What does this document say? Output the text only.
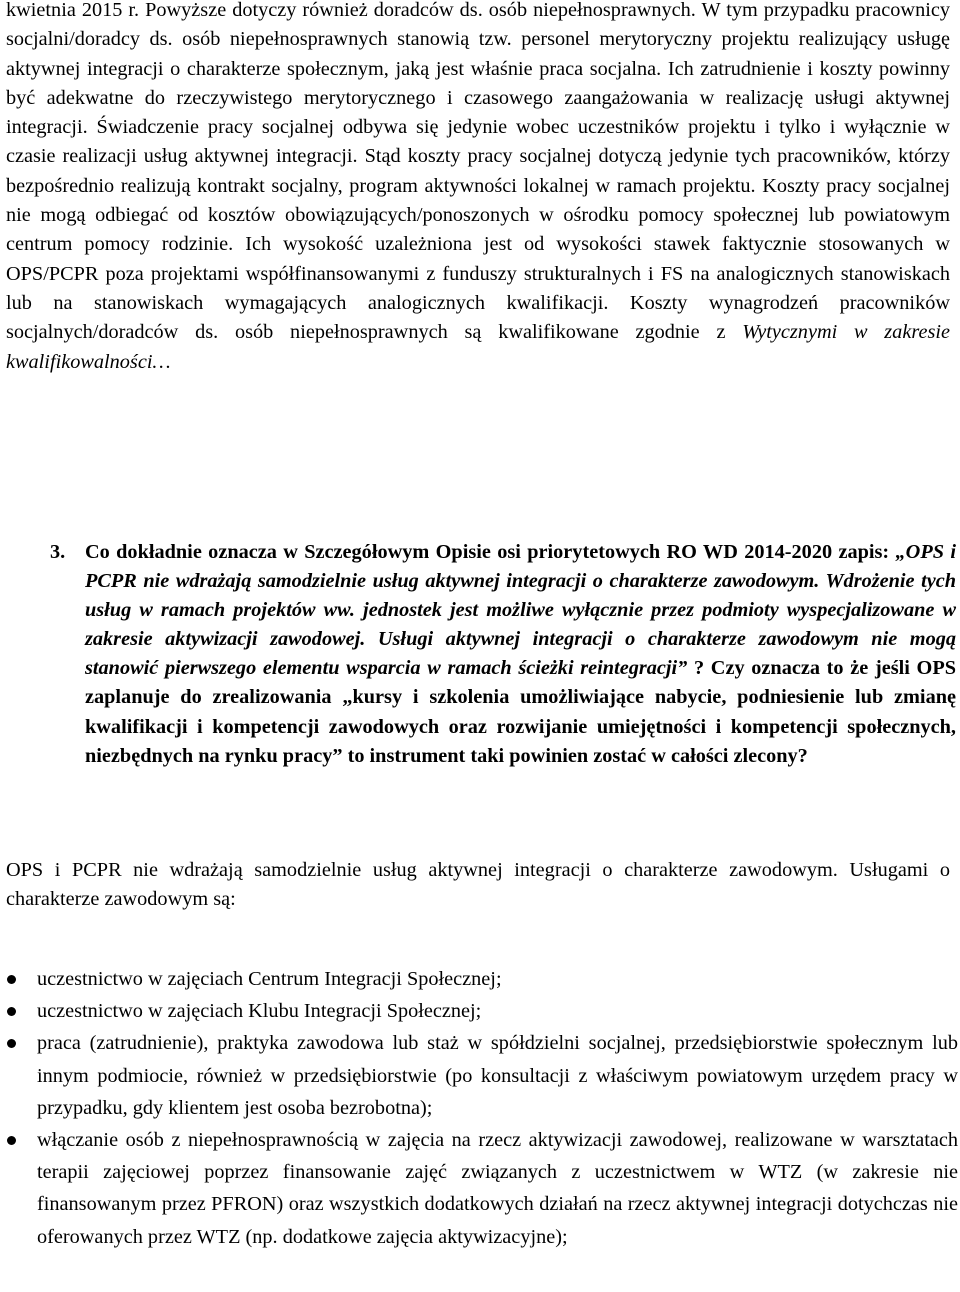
kwietnia 2015 r. Powyższe dotyczy również doradców ds. osób niepełnosprawnych. W tym przypadku pracownicy socjalni/doradcy ds. osób niepełnosprawnych stanowią tzw. personel merytoryczny projektu realizujący usługę aktywnej integracji o charakterze społecznym, jaką jest właśnie praca socjalna. Ich zatrudnienie i koszty powinny być adekwatne do rzeczywistego merytorycznego i czasowego zaangażowania w realizację usługi aktywnej integracji. Świadczenie pracy socjalnej odbywa się jedynie wobec uczestników projektu i tylko i wyłącznie w czasie realizacji usług aktywnej integracji. Stąd koszty pracy socjalnej dotyczą jedynie tych pracowników, którzy bezpośrednio realizują kontrakt socjalny, program aktywności lokalnej w ramach projektu. Koszty pracy socjalnej nie mogą odbiegać od kosztów obowiązujących/ponoszonych w ośrodku pomocy społecznej lub powiatowym centrum pomocy rodzinie. Ich wysokość uzależniona jest od wysokości stawek faktycznie stosowanych w OPS/PCPR poza projektami współfinansowanymi z funduszy strukturalnych i FS na analogicznych stanowiskach lub na stanowiskach wymagających analogicznych kwalifikacji. Koszty wynagrodzeń pracowników socjalnych/doradców ds. osób niepełnosprawnych są kwalifikowane zgodnie z Wytycznymi w zakresie kwalifikowalności…

3. Co dokładnie oznacza w Szczegółowym Opisie osi priorytetowych RO WD 2014-2020 zapis: „OPS i PCPR nie wdrażają samodzielnie usług aktywnej integracji o charakterze zawodowym. Wdrożenie tych usług w ramach projektów ww. jednostek jest możliwe wyłącznie przez podmioty wyspecjalizowane w zakresie aktywizacji zawodowej. Usługi aktywnej integracji o charakterze zawodowym nie mogą stanowić pierwszego elementu wsparcia w ramach ścieżki reintegracji” ? Czy oznacza to że jeśli OPS zaplanuje do zrealizowania „kursy i szkolenia umożliwiające nabycie, podniesienie lub zmianę kwalifikacji i kompetencji zawodowych oraz rozwijanie umiejętności i kompetencji społecznych, niezbędnych na rynku pracy” to instrument taki powinien zostać w całości zlecony?

OPS i PCPR nie wdrażają samodzielnie usług aktywnej integracji o charakterze zawodowym. Usługami o charakterze zawodowym są:

uczestnictwo w zajęciach Centrum Integracji Społecznej;
uczestnictwo w zajęciach Klubu Integracji Społecznej;
praca (zatrudnienie), praktyka zawodowa lub staż w spółdzielni socjalnej, przedsiębiorstwie społecznym lub innym podmiocie, również w przedsiębiorstwie (po konsultacji z właściwym powiatowym urzędem pracy w przypadku, gdy klientem jest osoba bezrobotna);
włączanie osób z niepełnosprawnością w zajęcia na rzecz aktywizacji zawodowej, realizowane w warsztatach terapii zajęciowej poprzez finansowanie zajęć związanych z uczestnictwem w WTZ (w zakresie nie finansowanym przez PFRON) oraz wszystkich dodatkowych działań na rzecz aktywnej integracji dotychczas nie oferowanych przez WTZ (np. dodatkowe zajęcia aktywizacyjne);
